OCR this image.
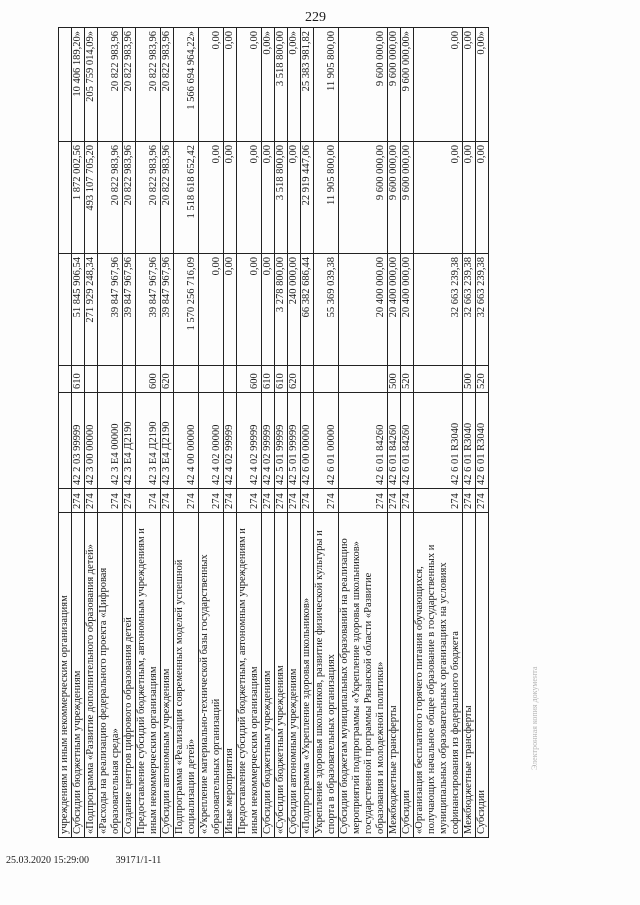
229
учреждениям и иным некоммерческим организациям						
Субсидии бюджетным учреждениям	274	42 2 03 99999	610	51 845 906,54	1 872 002,56	10 406 189,20»
«Подпрограмма «Развитие дополнительного образования детей»	274	42 3 00 00000		271 929 248,34	493 107 705,20	205 759 014,09»
«Расходы на реализацию федерального проекта «Цифровая образовательная среда»	274	42 3 E4 00000		39 847 967,96	20 822 983,96	20 822 983,96
Создание центров цифрового образования детей	274	42 3 E4 Д2190		39 847 967,96	20 822 983,96	20 822 983,96
Предоставление субсидий бюджетным, автономным учреждениям и иным некоммерческим организациям	274	42 3 E4 Д2190	600	39 847 967,96	20 822 983,96	20 822 983,96
Субсидии автономным учреждениям	274	42 3 E4 Д2190	620	39 847 967,96	20 822 983,96	20 822 983,96
Подпрограмма «Реализация современных моделей успешной социализации детей»	274	42 4 00 00000		1 570 256 716,09	1 518 618 652,42	1 566 694 964,22»
«Укрепление материально-технической базы государственных образовательных организаций	274	42 4 02 00000		0,00	0,00	0,00
Иные мероприятия	274	42 4 02 99999		0,00	0,00	0,00
Предоставление субсидий бюджетным, автономным учреждениям и иным некоммерческим организациям	274	42 4 02 99999	600	0,00	0,00	0,00
Субсидии бюджетным учреждениям	274	42 4 02 99999	610	0,00	0,00	0,00»
«Субсидии бюджетным учреждениям	274	42 5 01 99999	610	3 278 800,00	3 518 800,00	3 518 800,00
Субсидии автономным учреждениям	274	42 5 01 99999	620	240 000,00	0,00	0,00»
«Подпрограмма «Укрепление здоровья школьников»	274	42 6 00 00000		66 382 686,44	22 919 447,06	25 383 981,82
Укрепление здоровья школьников, развитие физической культуры и спорта в образовательных организациях	274	42 6 01 00000		55 369 039,38	11 905 800,00	11 905 800,00
Субсидии бюджетам муниципальных образований на реализацию мероприятий подпрограммы «Укрепление здоровья школьников» государственной программы Рязанской области «Развитие образования и молодежной политики»	274	42 6 01 84260		20 400 000,00	9 600 000,00	9 600 000,00
Межбюджетные трансферты	274	42 6 01 84260	500	20 400 000,00	9 600 000,00	9 600 000,00
Субсидии	274	42 6 01 84260	520	20 400 000,00	9 600 000,00	9 600 000,00»
«Организация бесплатного горячего питания обучающихся, получающих начальное общее образование в государственных и муниципальных образовательных организациях на условиях софинансирования из федерального бюджета	274	42 6 01 R3040		32 663 239,38	0,00	0,00
Межбюджетные трансферты	274	42 6 01 R3040	500	32 663 239,38	0,00	0,00
Субсидии	274	42 6 01 R3040	520	32 663 239,38	0,00	0,00»
25.03.2020 15:29:00	39171/1-11
Электронная копия документа
